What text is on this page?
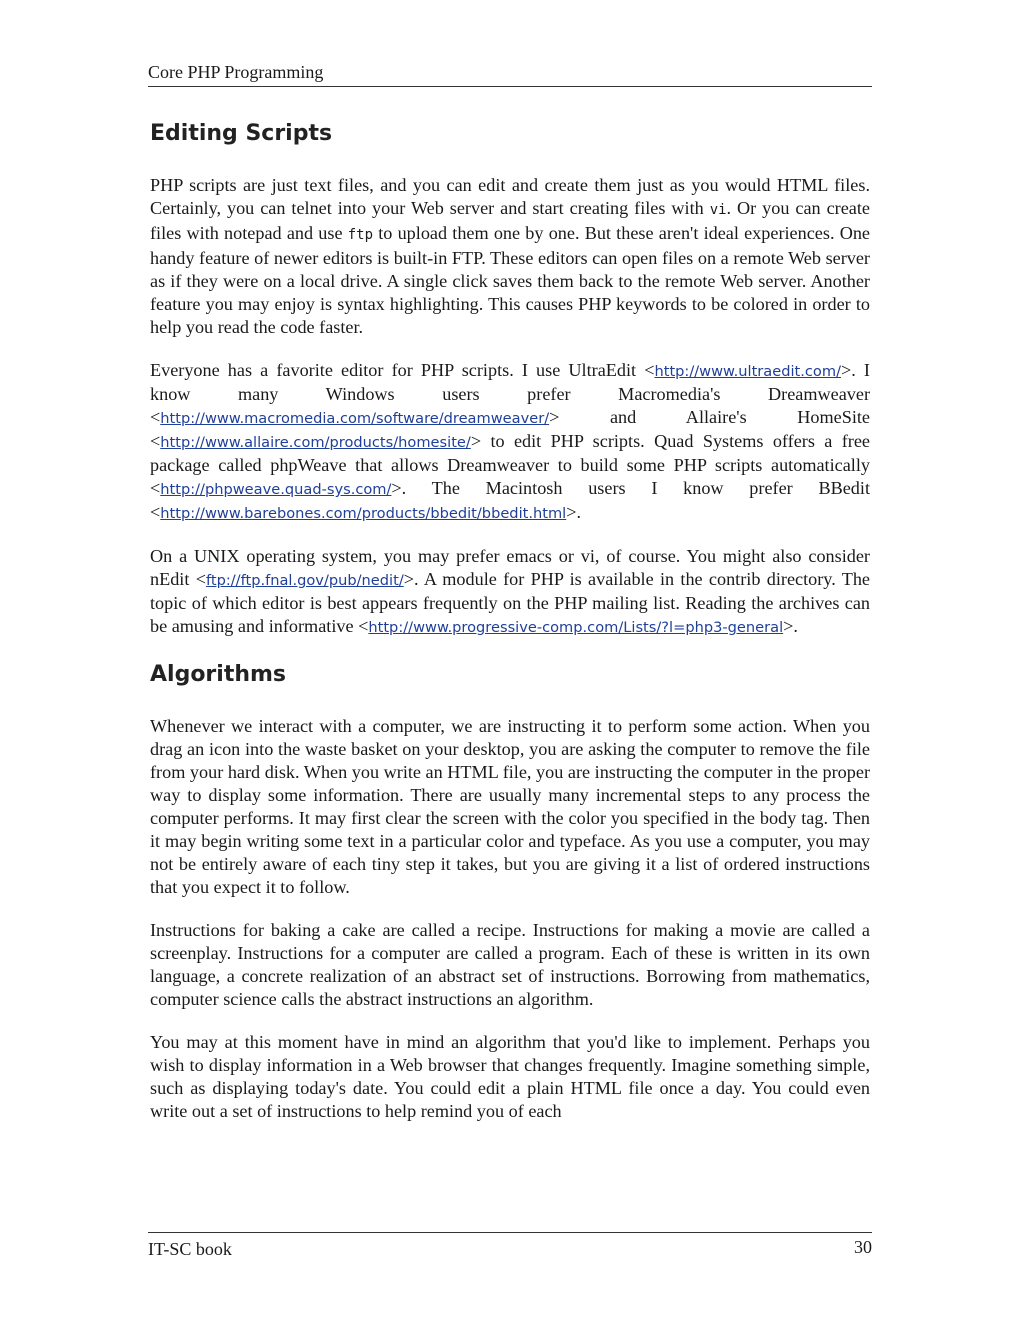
Core PHP Programming
Editing Scripts

PHP scripts are just text files, and you can edit and create them just as you would HTML files. Certainly, you can telnet into your Web server and start creating files with vi. Or you can create files with notepad and use ftp to upload them one by one. But these aren't ideal experiences. One handy feature of newer editors is built-in FTP. These editors can open files on a remote Web server as if they were on a local drive. A single click saves them back to the remote Web server. Another feature you may enjoy is syntax highlighting. This causes PHP keywords to be colored in order to help you read the code faster.

Everyone has a favorite editor for PHP scripts. I use UltraEdit <http://www.ultraedit.com/>. I know many Windows users prefer Macromedia's Dreamweaver <http://www.macromedia.com/software/dreamweaver/> and Allaire's HomeSite <http://www.allaire.com/products/homesite/> to edit PHP scripts. Quad Systems offers a free package called phpWeave that allows Dreamweaver to build some PHP scripts automatically <http://phpweave.quad-sys.com/>. The Macintosh users I know prefer BBedit <http://www.barebones.com/products/bbedit/bbedit.html>.

On a UNIX operating system, you may prefer emacs or vi, of course. You might also consider nEdit <ftp://ftp.fnal.gov/pub/nedit/>. A module for PHP is available in the contrib directory. The topic of which editor is best appears frequently on the PHP mailing list. Reading the archives can be amusing and informative <http://www.progressive-comp.com/Lists/?l=php3-general>.

Algorithms

Whenever we interact with a computer, we are instructing it to perform some action. When you drag an icon into the waste basket on your desktop, you are asking the computer to remove the file from your hard disk. When you write an HTML file, you are instructing the computer in the proper way to display some information. There are usually many incremental steps to any process the computer performs. It may first clear the screen with the color you specified in the body tag. Then it may begin writing some text in a particular color and typeface. As you use a computer, you may not be entirely aware of each tiny step it takes, but you are giving it a list of ordered instructions that you expect it to follow.

Instructions for baking a cake are called a recipe. Instructions for making a movie are called a screenplay. Instructions for a computer are called a program. Each of these is written in its own language, a concrete realization of an abstract set of instructions. Borrowing from mathematics, computer science calls the abstract instructions an algorithm.

You may at this moment have in mind an algorithm that you'd like to implement. Perhaps you wish to display information in a Web browser that changes frequently. Imagine something simple, such as displaying today's date. You could edit a plain HTML file once a day. You could even write out a set of instructions to help remind you of each

IT-SC book	30
